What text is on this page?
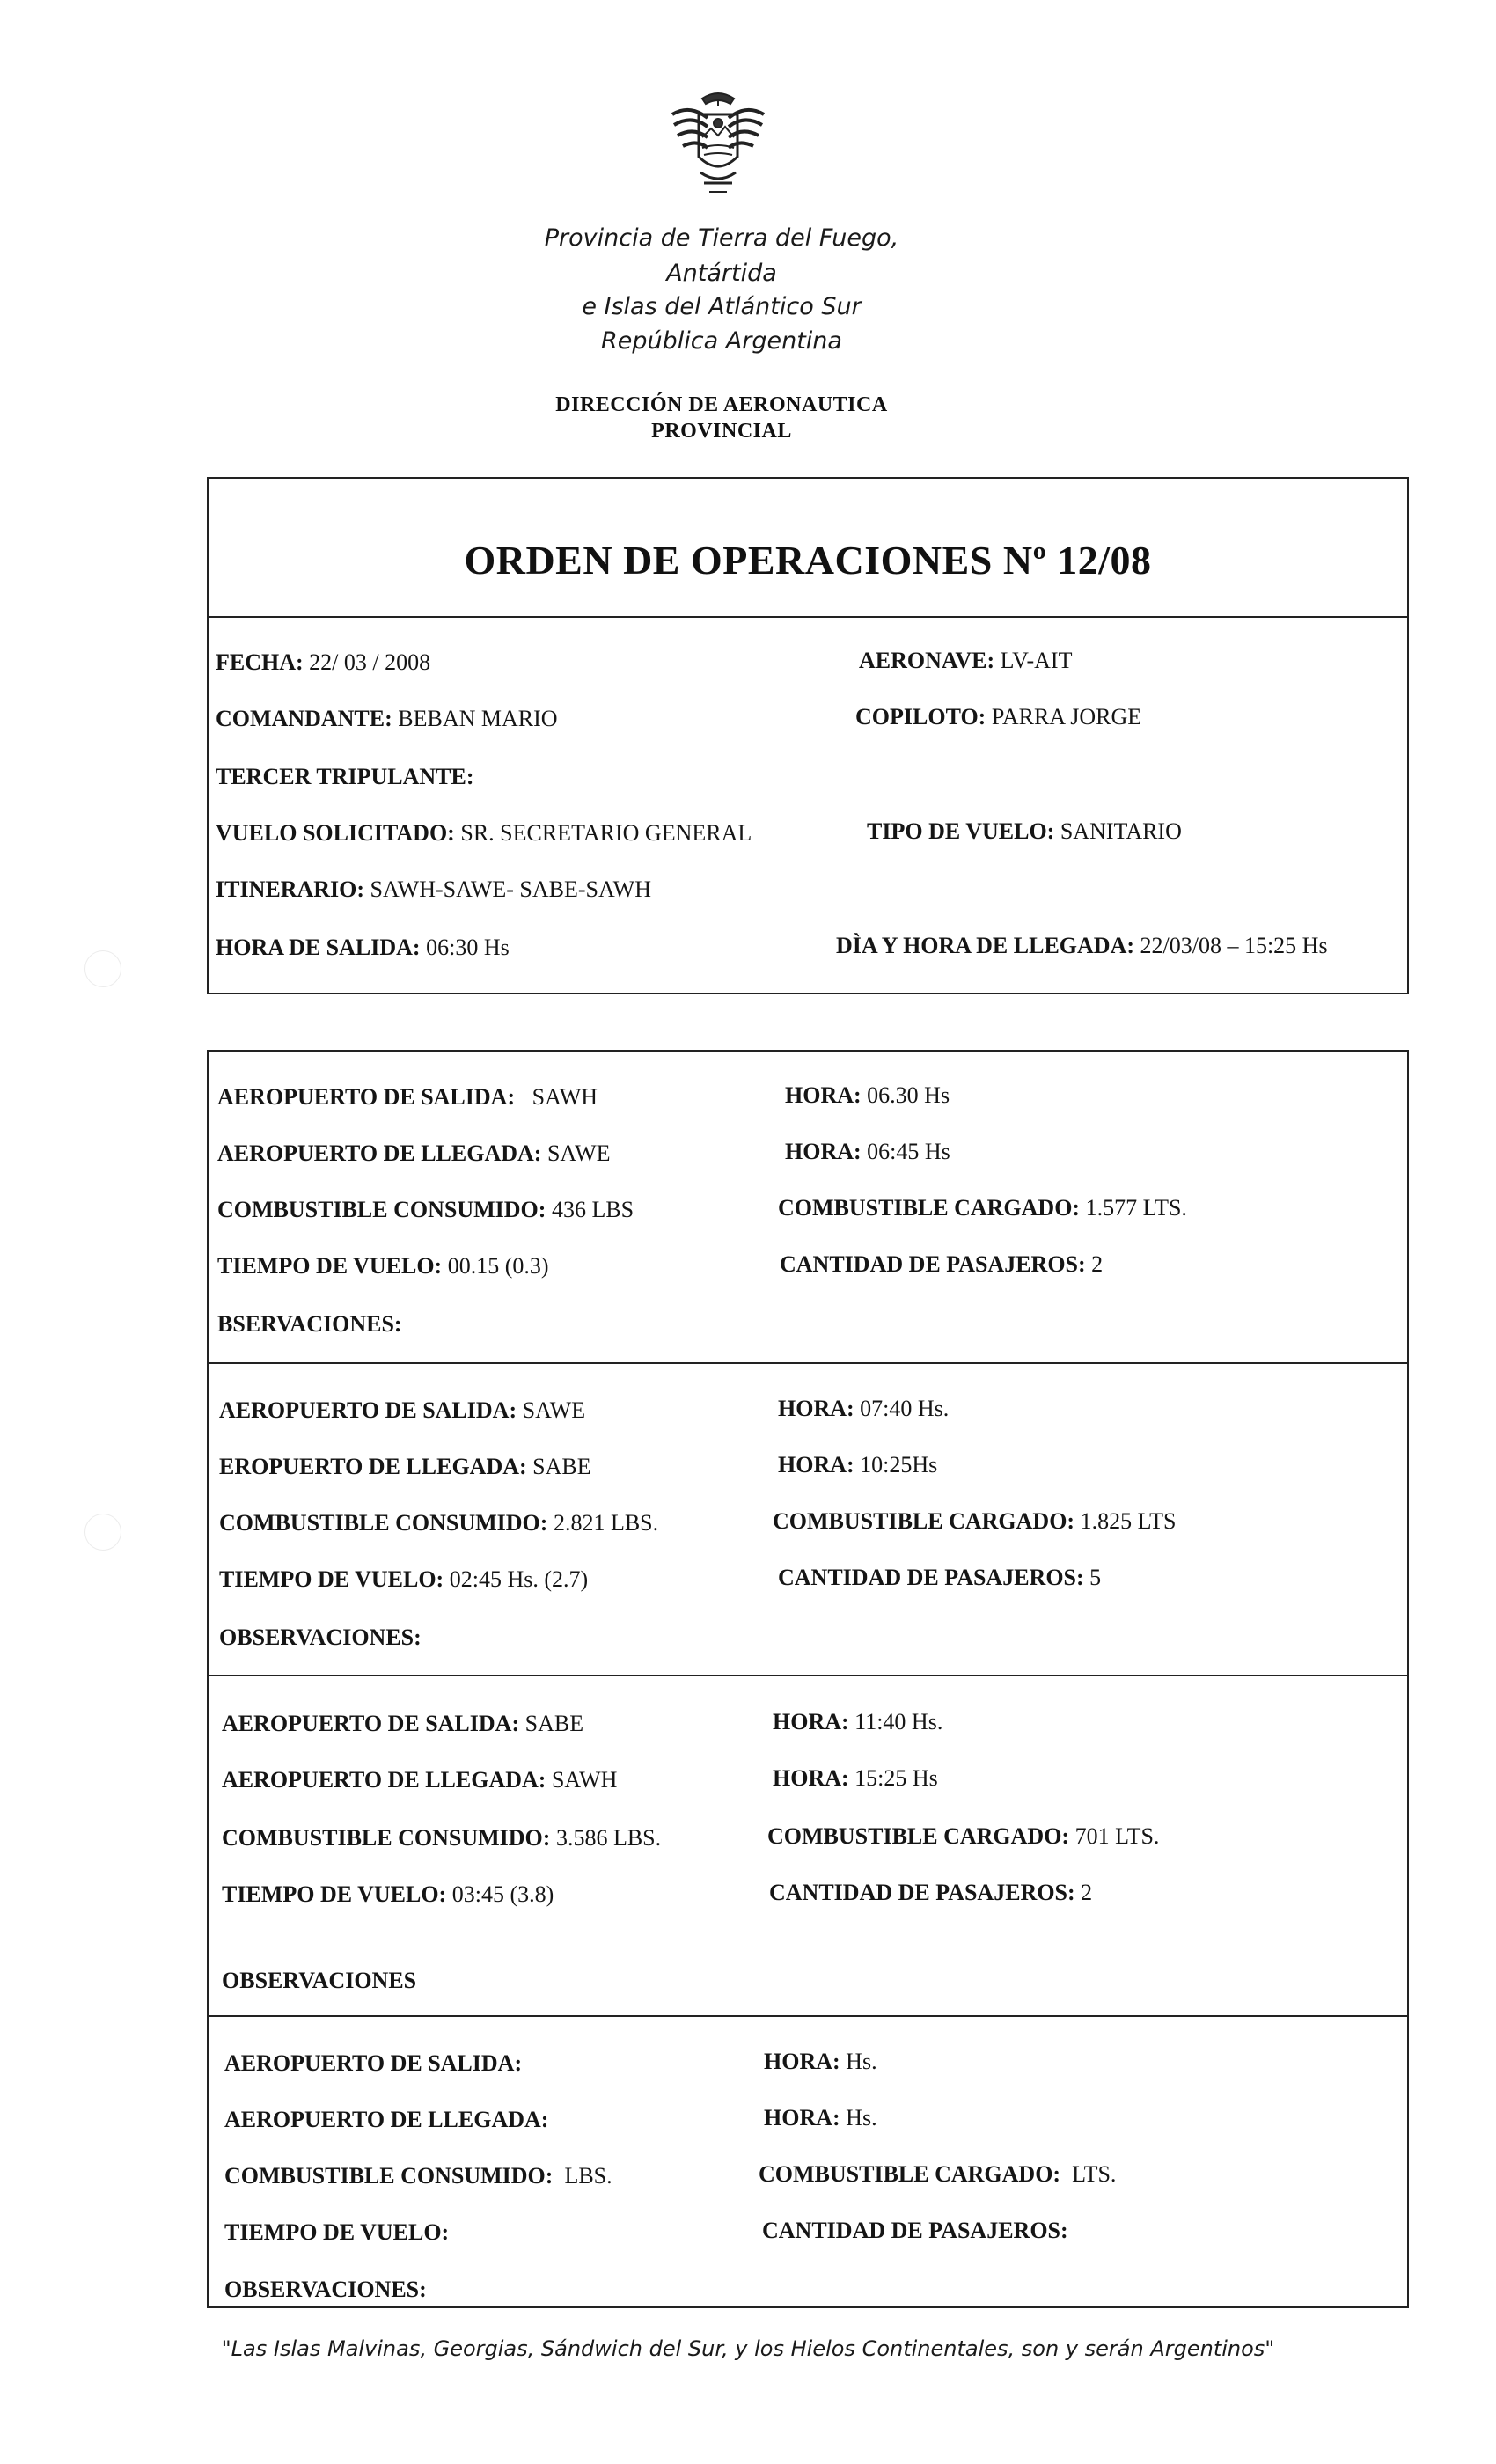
Provincia de Tierra del Fuego,
Antártida
e Islas del Atlántico Sur
República Argentina
DIRECCIÓN DE AERONAUTICA
PROVINCIAL
ORDEN DE OPERACIONES Nº 12/08
FECHA: 22/ 03 / 2008	AERONAVE: LV-AIT
COMANDANTE: BEBAN MARIO	COPILOTO: PARRA JORGE
TERCER TRIPULANTE:
VUELO SOLICITADO: SR. SECRETARIO GENERAL	TIPO DE VUELO: SANITARIO
ITINERARIO: SAWH-SAWE- SABE-SAWH
HORA DE SALIDA: 06:30 Hs	DÌA Y HORA DE LLEGADA: 22/03/08 – 15:25 Hs
AEROPUERTO DE SALIDA:   SAWH	HORA: 06.30 Hs
AEROPUERTO DE LLEGADA: SAWE	HORA: 06:45 Hs
COMBUSTIBLE CONSUMIDO: 436 LBS	COMBUSTIBLE CARGADO: 1.577 LTS.
TIEMPO DE VUELO: 00.15 (0.3)	CANTIDAD DE PASAJEROS: 2
BSERVACIONES:
AEROPUERTO DE SALIDA: SAWE	HORA: 07:40 Hs.
EROPUERTO DE LLEGADA: SABE	HORA: 10:25Hs
COMBUSTIBLE CONSUMIDO: 2.821 LBS.	COMBUSTIBLE CARGADO: 1.825 LTS
TIEMPO DE VUELO: 02:45 Hs. (2.7)	CANTIDAD DE PASAJEROS: 5
OBSERVACIONES:
AEROPUERTO DE SALIDA: SABE	HORA: 11:40 Hs.
AEROPUERTO DE LLEGADA: SAWH	HORA: 15:25 Hs
COMBUSTIBLE CONSUMIDO: 3.586 LBS.	COMBUSTIBLE CARGADO: 701 LTS.
TIEMPO DE VUELO: 03:45 (3.8)	CANTIDAD DE PASAJEROS: 2
OBSERVACIONES
AEROPUERTO DE SALIDA:	HORA: Hs.
AEROPUERTO DE LLEGADA:	HORA: Hs.
COMBUSTIBLE CONSUMIDO: LBS.	COMBUSTIBLE CARGADO: LTS.
TIEMPO DE VUELO:	CANTIDAD DE PASAJEROS:
OBSERVACIONES:
"Las Islas Malvinas, Georgias, Sándwich del Sur, y los Hielos Continentales, son y serán Argentinos"
